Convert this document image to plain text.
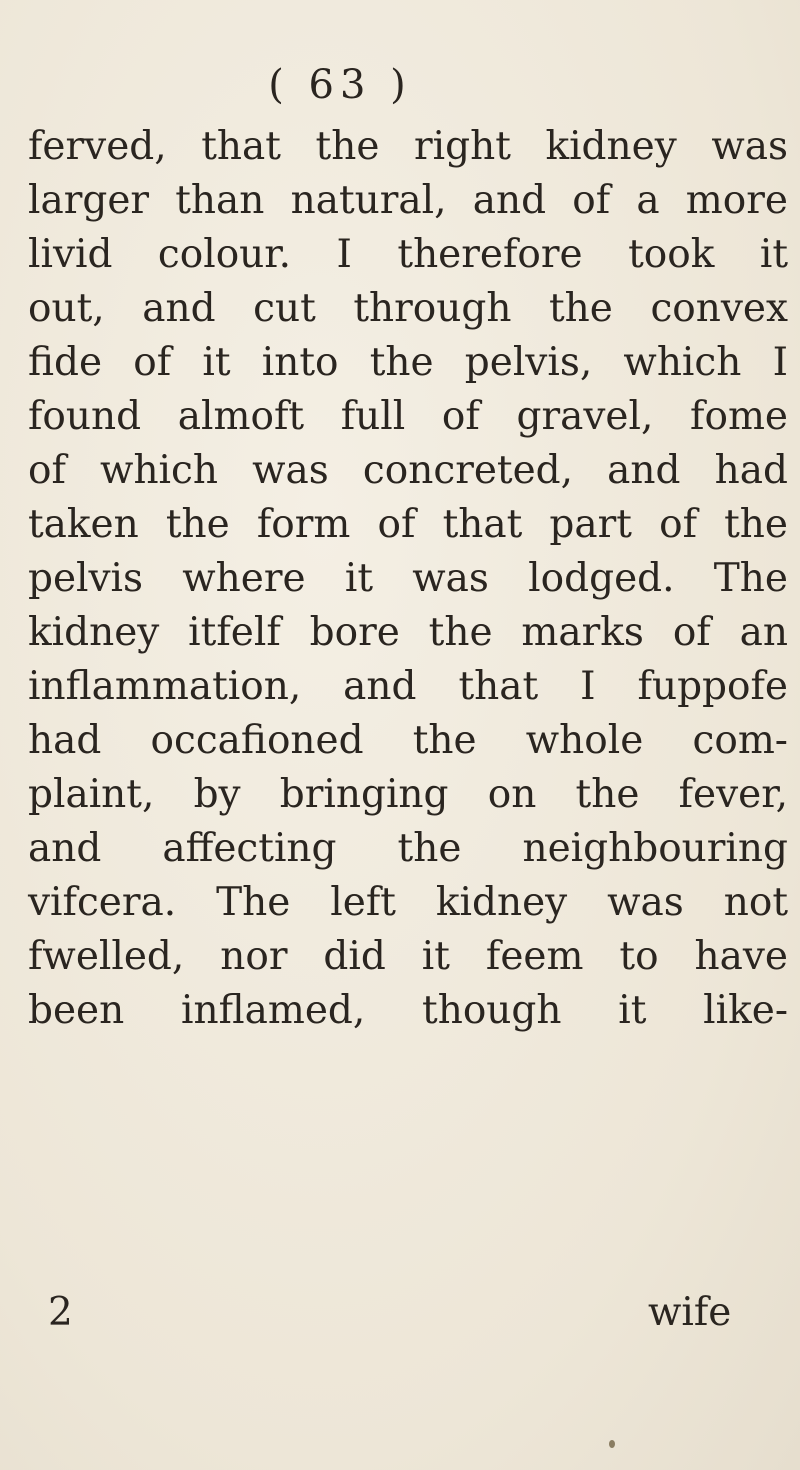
( 63 )
ferved, that the right kidney was
larger than natural, and of a more
livid colour. I therefore took it
out, and cut through the convex
fide of it into the pelvis, which I
found almoft full of gravel, fome
of which was concreted, and had
taken the form of that part of the
pelvis where it was lodged. The
kidney itfelf bore the marks of an
inflammation, and that I fuppofe
had occafioned the whole com-
plaint, by bringing on the fever,
and affecting the neighbouring
vifcera. The left kidney was not
fwelled, nor did it feem to have
been inflamed, though it like-
2	wife
